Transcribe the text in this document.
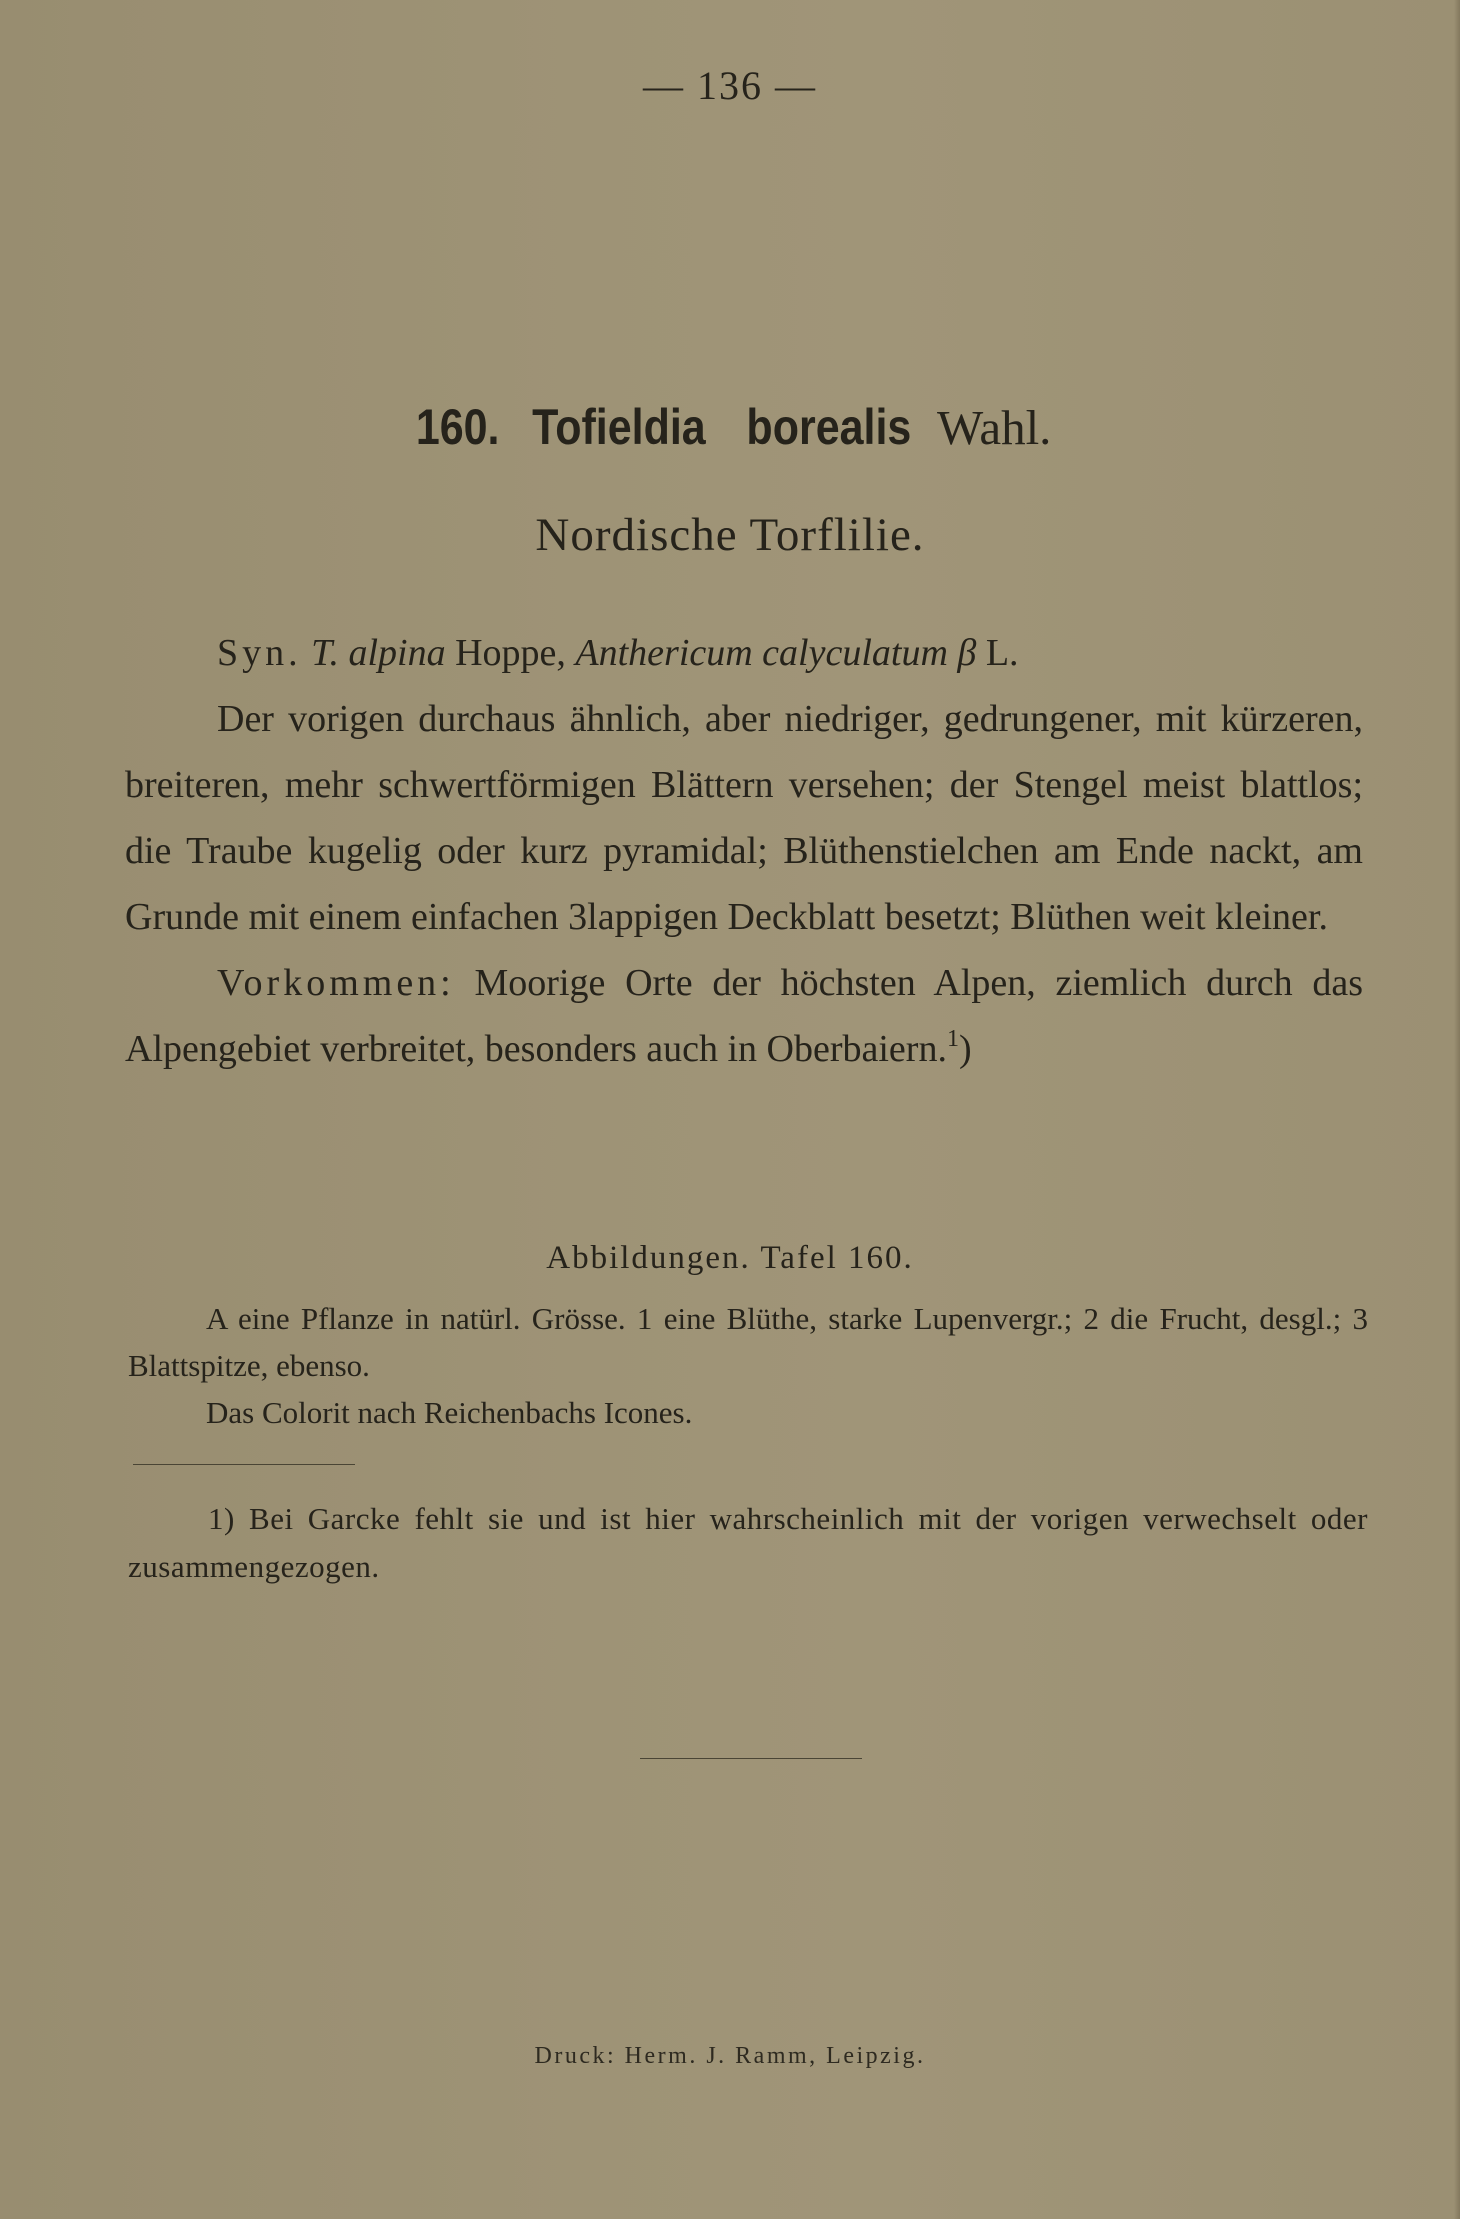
— 136 —
160. Tofieldia borealis Wahl.
Nordische Torflilie.

Syn. T. alpina Hoppe, Anthericum calyculatum β L.

Der vorigen durchaus ähnlich, aber niedriger, gedrungener, mit kürzeren, breiteren, mehr schwertförmigen Blättern versehen; der Stengel meist blattlos; die Traube kugelig oder kurz pyramidal; Blüthenstielchen am Ende nackt, am Grunde mit einem einfachen 3lappigen Deckblatt besetzt; Blüthen weit kleiner.

Vorkommen: Moorige Orte der höchsten Alpen, ziemlich durch das Alpengebiet verbreitet, besonders auch in Oberbaiern.$^1$)

Abbildungen. Tafel 160.

A eine Pflanze in natürl. Grösse. 1 eine Blüthe, starke Lupenvergr.; 2 die Frucht, desgl.; 3 Blattspitze, ebenso.

Das Colorit nach Reichenbachs Icones.

1) Bei Garcke fehlt sie und ist hier wahrscheinlich mit der vorigen verwechselt oder zusammengezogen.

Druck: Herm. J. Ramm, Leipzig.
